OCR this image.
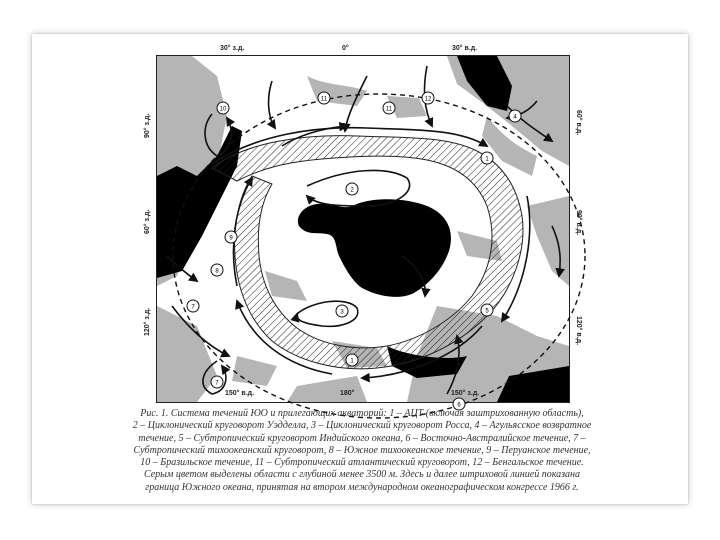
10
11	12
11
4
1
2
9
8
7
7
3	5
1
6
30° з.д.	0°	30° в.д.
150° в.д.	180°	150° з.д.
90° з.д.
60° з.д.
120° з.д.
60° в.д.
90° в.д.
120° в.д.
Рис. 1. Система течений ЮО и прилегающих акваторий: 1 – АЦТ (включая заштрихованную область),
2 – Циклонический круговорот Уэдделла, 3 – Циклонический круговорот Росса, 4 – Агульясское возвратное
течение, 5 – Субтропический круговорот Индийского океана, 6 – Восточно-Австралийское течение, 7 –
Субтропический тихоокеанский круговорот, 8 – Южное тихоокеанское течение, 9 – Перуанское течение,
10 – Бразильское течение, 11 – Субтропический атлантический круговорот, 12 – Бенгальское течение.
Серым цветом выделены области с глубиной менее 3500 м. Здесь и далее штриховой линией показана
граница Южного океана, принятая на втором международном океанографическом конгрессе 1966 г.
